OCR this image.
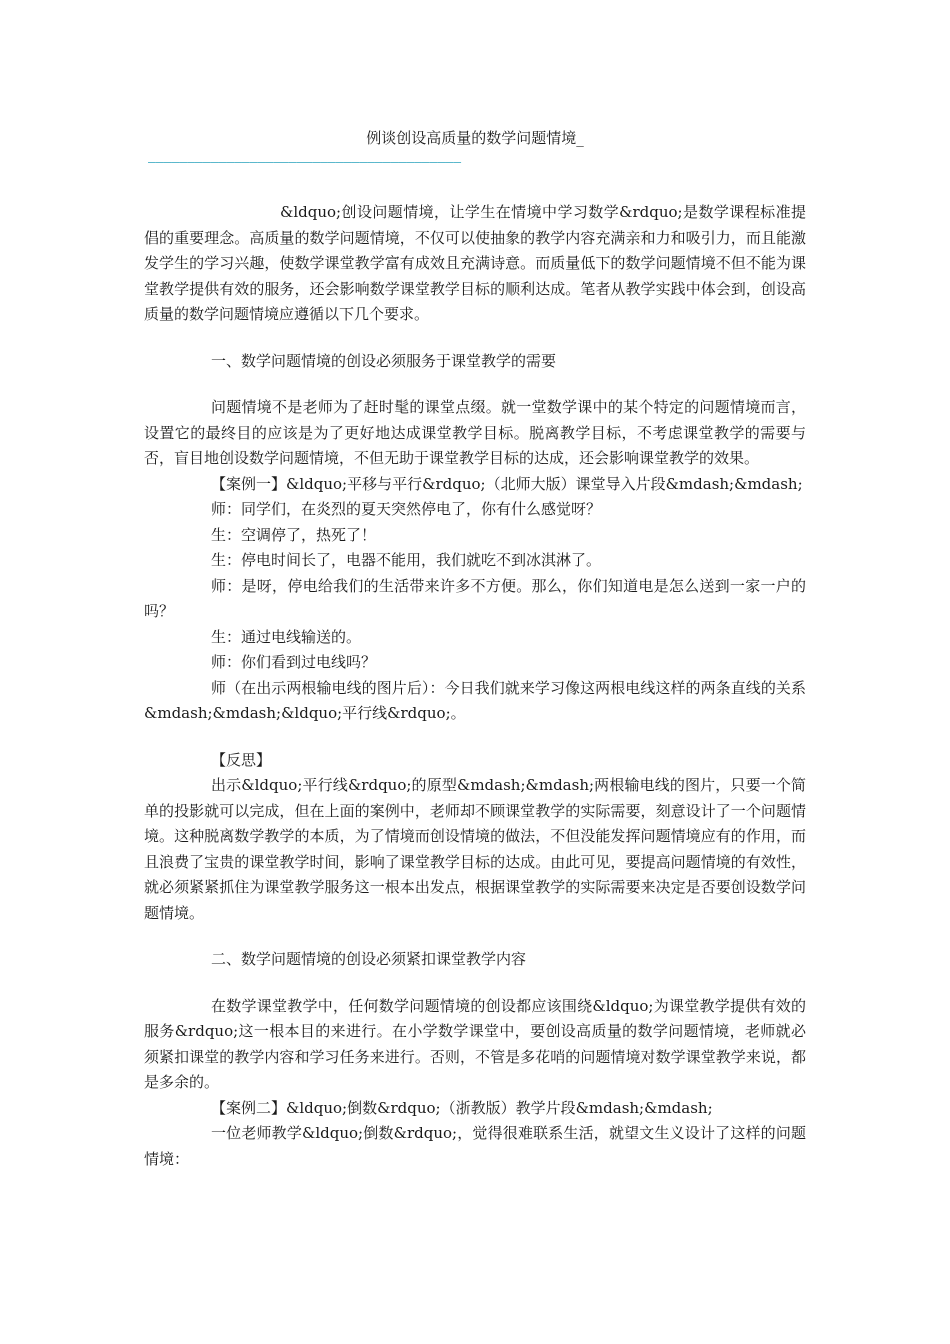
例谈创设高质量的数学问题情境_
————————————————————————————————————————

&ldquo;创设问题情境，让学生在情境中学习数学&rdquo;是数学课程标准提倡的重要理念。高质量的数学问题情境，不仅可以使抽象的教学内容充满亲和力和吸引力，而且能激发学生的学习兴趣，使数学课堂教学富有成效且充满诗意。而质量低下的数学问题情境不但不能为课堂教学提供有效的服务，还会影响数学课堂教学目标的顺利达成。笔者从教学实践中体会到，创设高质量的数学问题情境应遵循以下几个要求。

一、数学问题情境的创设必须服务于课堂教学的需要

问题情境不是老师为了赶时髦的课堂点缀。就一堂数学课中的某个特定的问题情境而言，设置它的最终目的应该是为了更好地达成课堂教学目标。脱离教学目标，不考虑课堂教学的需要与否，盲目地创设数学问题情境，不但无助于课堂教学目标的达成，还会影响课堂教学的效果。

【案例一】&ldquo;平移与平行&rdquo;（北师大版）课堂导入片段&mdash;&mdash;

师：同学们，在炎烈的夏天突然停电了，你有什么感觉呀？

生：空调停了，热死了！

生：停电时间长了，电器不能用，我们就吃不到冰淇淋了。

师：是呀，停电给我们的生活带来许多不方便。那么，你们知道电是怎么送到一家一户的吗？

生：通过电线输送的。

师：你们看到过电线吗？

师（在出示两根输电线的图片后）：今日我们就来学习像这两根电线这样的两条直线的关系&mdash;&mdash;&ldquo;平行线&rdquo;。

【反思】

出示&ldquo;平行线&rdquo;的原型&mdash;&mdash;两根输电线的图片，只要一个简单的投影就可以完成，但在上面的案例中，老师却不顾课堂教学的实际需要，刻意设计了一个问题情境。这种脱离数学教学的本质，为了情境而创设情境的做法，不但没能发挥问题情境应有的作用，而且浪费了宝贵的课堂教学时间，影响了课堂教学目标的达成。由此可见，要提高问题情境的有效性，就必须紧紧抓住为课堂教学服务这一根本出发点，根据课堂教学的实际需要来决定是否要创设数学问题情境。

二、数学问题情境的创设必须紧扣课堂教学内容

在数学课堂教学中，任何数学问题情境的创设都应该围绕&ldquo;为课堂教学提供有效的服务&rdquo;这一根本目的来进行。在小学数学课堂中，要创设高质量的数学问题情境，老师就必须紧扣课堂的教学内容和学习任务来进行。否则，不管是多花哨的问题情境对数学课堂教学来说，都是多余的。

【案例二】&ldquo;倒数&rdquo;（浙教版）教学片段&mdash;&mdash;

一位老师教学&ldquo;倒数&rdquo;，觉得很难联系生活，就望文生义设计了这样的问题情境：
